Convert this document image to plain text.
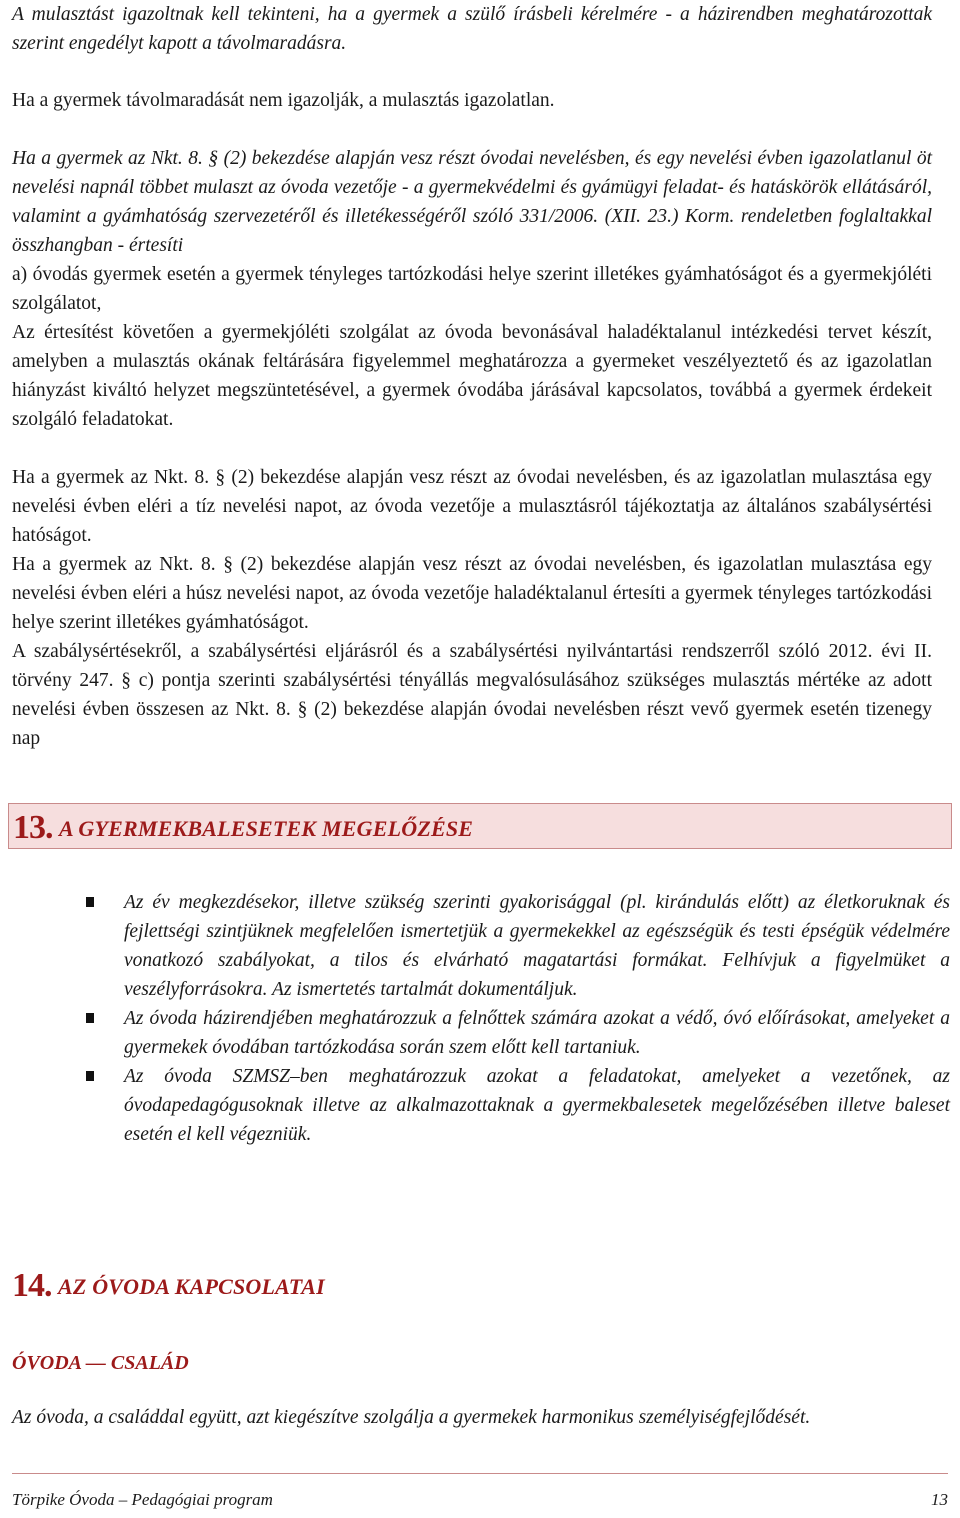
A mulasztást igazoltnak kell tekinteni, ha a gyermek a szülő írásbeli kérelmére - a házirendben meghatározottak szerint engedélyt kapott a távolmaradásra.

Ha a gyermek távolmaradását nem igazolják, a mulasztás igazolatlan.

Ha a gyermek az Nkt. 8. § (2) bekezdése alapján vesz részt óvodai nevelésben, és egy nevelési évben igazolatlanul öt nevelési napnál többet mulaszt az óvoda vezetője - a gyermekvédelmi és gyámügyi feladat- és hatáskörök ellátásáról, valamint a gyámhatóság szervezetéről és illetékességéről szóló 331/2006. (XII. 23.) Korm. rendeletben foglaltakkal összhangban - értesíti

a) óvodás gyermek esetén a gyermek tényleges tartózkodási helye szerint illetékes gyámhatóságot és a gyermekjóléti szolgálatot,

Az értesítést követően a gyermekjóléti szolgálat az óvoda bevonásával haladéktalanul intézkedési tervet készít, amelyben a mulasztás okának feltárására figyelemmel meghatározza a gyermeket veszélyeztető és az igazolatlan hiányzást kiváltó helyzet megszüntetésével, a gyermek óvodába járásával kapcsolatos, továbbá a gyermek érdekeit szolgáló feladatokat.

Ha a gyermek az Nkt. 8. § (2) bekezdése alapján vesz részt az óvodai nevelésben, és az igazolatlan mulasztása egy nevelési évben eléri a tíz nevelési napot, az óvoda vezetője a mulasztásról tájékoztatja az általános szabálysértési hatóságot.

Ha a gyermek az Nkt. 8. § (2) bekezdése alapján vesz részt az óvodai nevelésben, és igazolatlan mulasztása egy nevelési évben eléri a húsz nevelési napot, az óvoda vezetője haladéktalanul értesíti a gyermek tényleges tartózkodási helye szerint illetékes gyámhatóságot.

A szabálysértésekről, a szabálysértési eljárásról és a szabálysértési nyilvántartási rendszerről szóló 2012. évi II. törvény 247. § c) pontja szerinti szabálysértési tényállás megvalósulásához szükséges mulasztás mértéke az adott nevelési évben összesen az Nkt. 8. § (2) bekezdése alapján óvodai nevelésben részt vevő gyermek esetén tizenegy nap

13. A GYERMEKBALESETEK MEGELŐZÉSE
Az év megkezdésekor, illetve szükség szerinti gyakorisággal (pl. kirándulás előtt) az életkoruknak és fejlettségi szintjüknek megfelelően ismertetjük a gyermekekkel az egészségük és testi épségük védelmére vonatkozó szabályokat, a tilos és elvárható magatartási formákat. Felhívjuk a figyelmüket a veszélyforrásokra. Az ismertetés tartalmát dokumentáljuk.
Az óvoda házirendjében meghatározzuk a felnőttek számára azokat a védő, óvó előírásokat, amelyeket a gyermekek óvodában tartózkodása során szem előtt kell tartaniuk.
Az óvoda SZMSZ–ben meghatározzuk azokat a feladatokat, amelyeket a vezetőnek, az óvodapedagógusoknak illetve az alkalmazottaknak a gyermekbalesetek megelőzésében illetve baleset esetén el kell végezniük.
14. AZ ÓVODA KAPCSOLATAI
ÓVODA — CSALÁD

Az óvoda, a családdal együtt, azt kiegészítve szolgálja a gyermekek harmonikus személyiségfejlődését.

Törpike Óvoda – Pedagógiai program	13
